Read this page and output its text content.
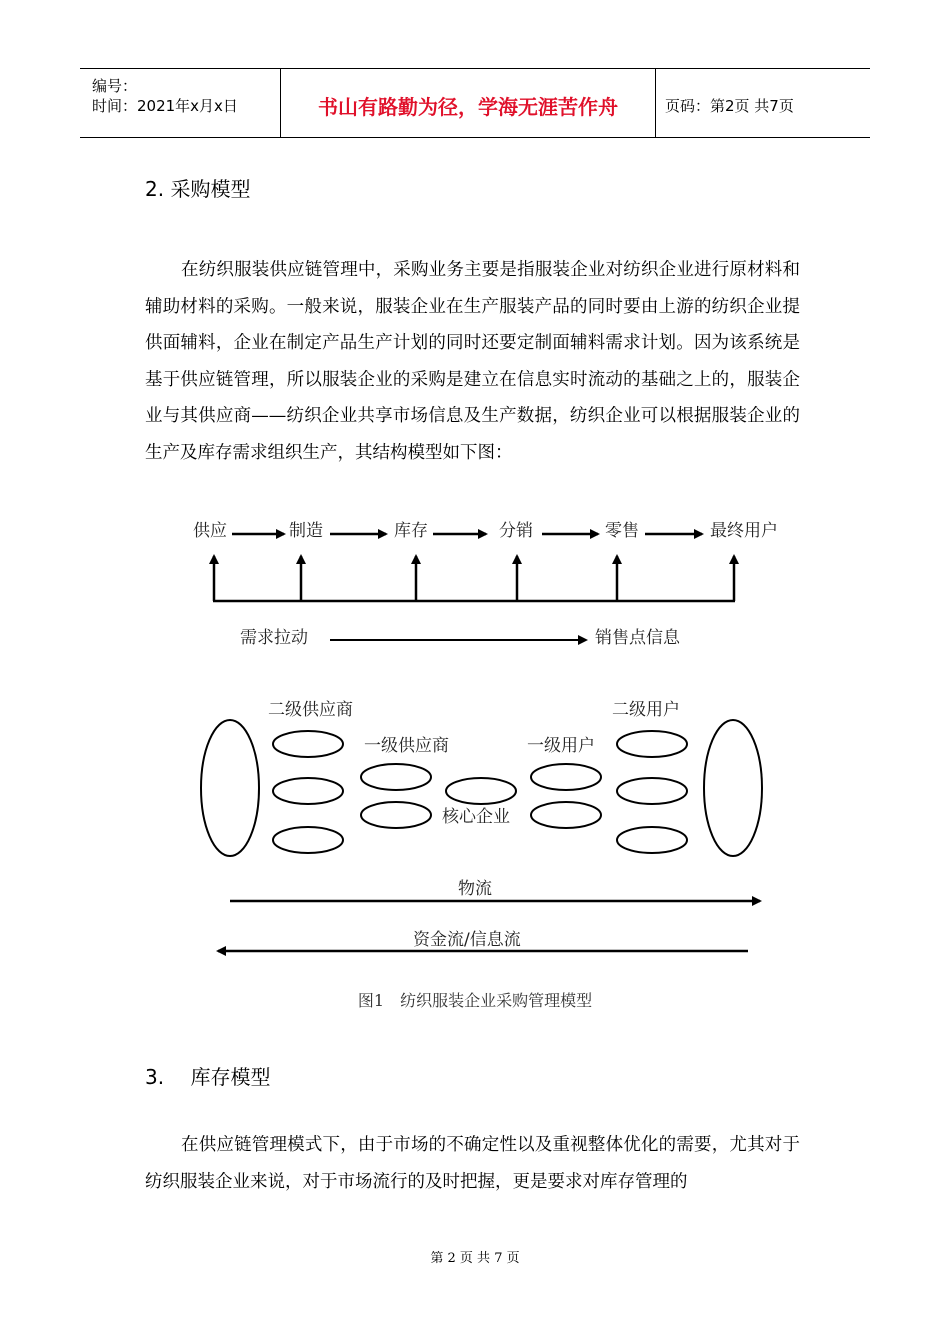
编号：
时间：2021年x月x日	书山有路勤为径，学海无涯苦作舟	页码：第2页 共7页
2. 采购模型
在纺织服装供应链管理中，采购业务主要是指服装企业对纺织企业进行原材料和辅助材料的采购。一般来说，服装企业在生产服装产品的同时要由上游的纺织企业提供面辅料，企业在制定产品生产计划的同时还要定制面辅料需求计划。因为该系统是基于供应链管理，所以服装企业的采购是建立在信息实时流动的基础之上的，服装企业与其供应商——纺织企业共享市场信息及生产数据，纺织企业可以根据服装企业的生产及库存需求组织生产，其结构模型如下图：
供应	制造	库存	分销	零售	最终用户
需求拉动	销售点信息
二级供应商	二级用户
一级供应商	一级用户
核心企业
物流
资金流/信息流
图1　纺织服装企业采购管理模型
3.　 库存模型
在供应链管理模式下，由于市场的不确定性以及重视整体优化的需要，尤其对于纺织服装企业来说，对于市场流行的及时把握，更是要求对库存管理的
第 2 页 共 7 页
